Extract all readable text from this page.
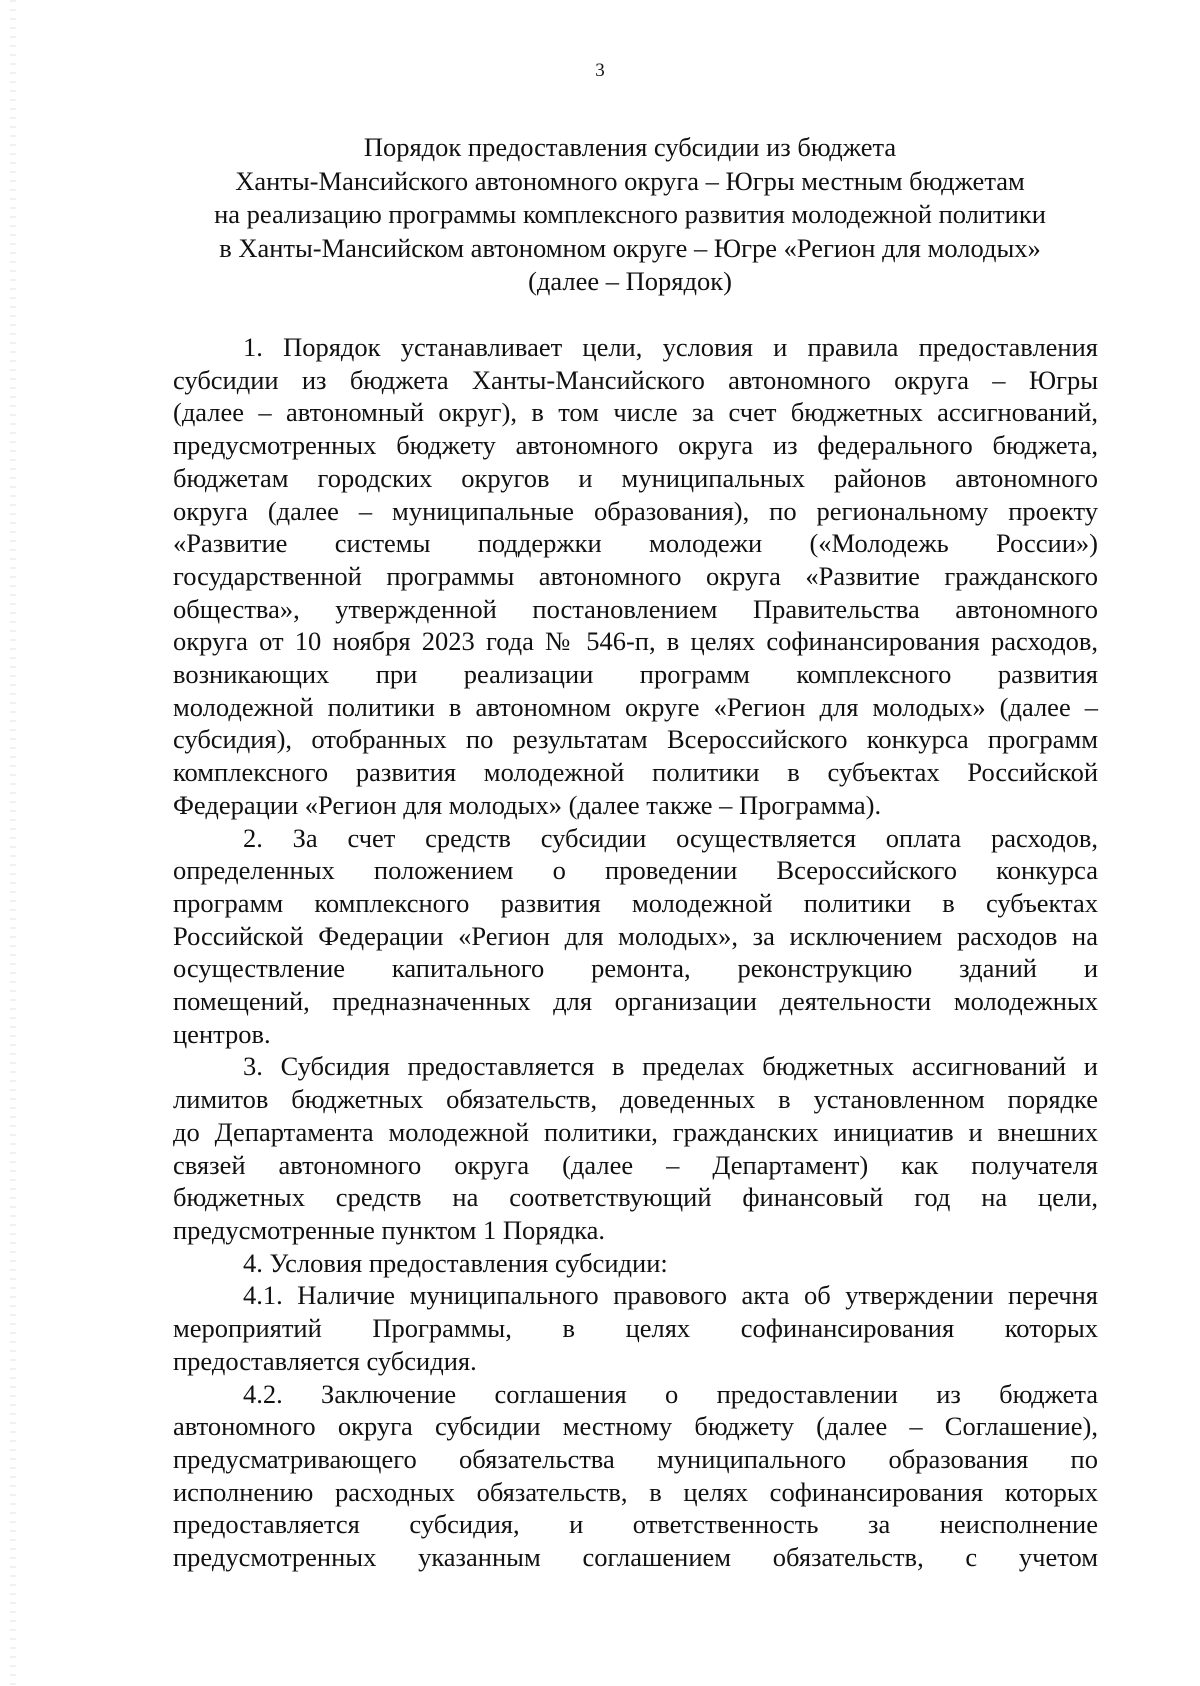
3
Порядок предоставления субсидии из бюджета
Ханты-Мансийского автономного округа – Югры местным бюджетам
на реализацию программы комплексного развития молодежной политики
в Ханты-Мансийском автономном округе – Югре «Регион для молодых»
(далее – Порядок)
1. Порядок устанавливает цели, условия и правила предоставления
субсидии из бюджета Ханты-Мансийского автономного округа – Югры
(далее – автономный округ), в том числе за счет бюджетных ассигнований,
предусмотренных бюджету автономного округа из федерального бюджета,
бюджетам городских округов и муниципальных районов автономного
округа (далее – муниципальные образования), по региональному проекту
«Развитие системы поддержки молодежи («Молодежь России»)
государственной программы автономного округа «Развитие гражданского
общества», утвержденной постановлением Правительства автономного
округа от 10 ноября 2023 года № 546-п, в целях софинансирования расходов,
возникающих при реализации программ комплексного развития
молодежной политики в автономном округе «Регион для молодых» (далее –
субсидия), отобранных по результатам Всероссийского конкурса программ
комплексного развития молодежной политики в субъектах Российской
Федерации «Регион для молодых» (далее также – Программа).
2. За счет средств субсидии осуществляется оплата расходов,
определенных положением о проведении Всероссийского конкурса
программ комплексного развития молодежной политики в субъектах
Российской Федерации «Регион для молодых», за исключением расходов на
осуществление капитального ремонта, реконструкцию зданий и
помещений, предназначенных для организации деятельности молодежных
центров.
3. Субсидия предоставляется в пределах бюджетных ассигнований и
лимитов бюджетных обязательств, доведенных в установленном порядке
до Департамента молодежной политики, гражданских инициатив и внешних
связей автономного округа (далее – Департамент) как получателя
бюджетных средств на соответствующий финансовый год на цели,
предусмотренные пунктом 1 Порядка.
4. Условия предоставления субсидии:
4.1. Наличие муниципального правового акта об утверждении перечня
мероприятий Программы, в целях софинансирования которых
предоставляется субсидия.
4.2. Заключение соглашения о предоставлении из бюджета
автономного округа субсидии местному бюджету (далее – Соглашение),
предусматривающего обязательства муниципального образования по
исполнению расходных обязательств, в целях софинансирования которых
предоставляется субсидия, и ответственность за неисполнение
предусмотренных указанным соглашением обязательств, с учетом
